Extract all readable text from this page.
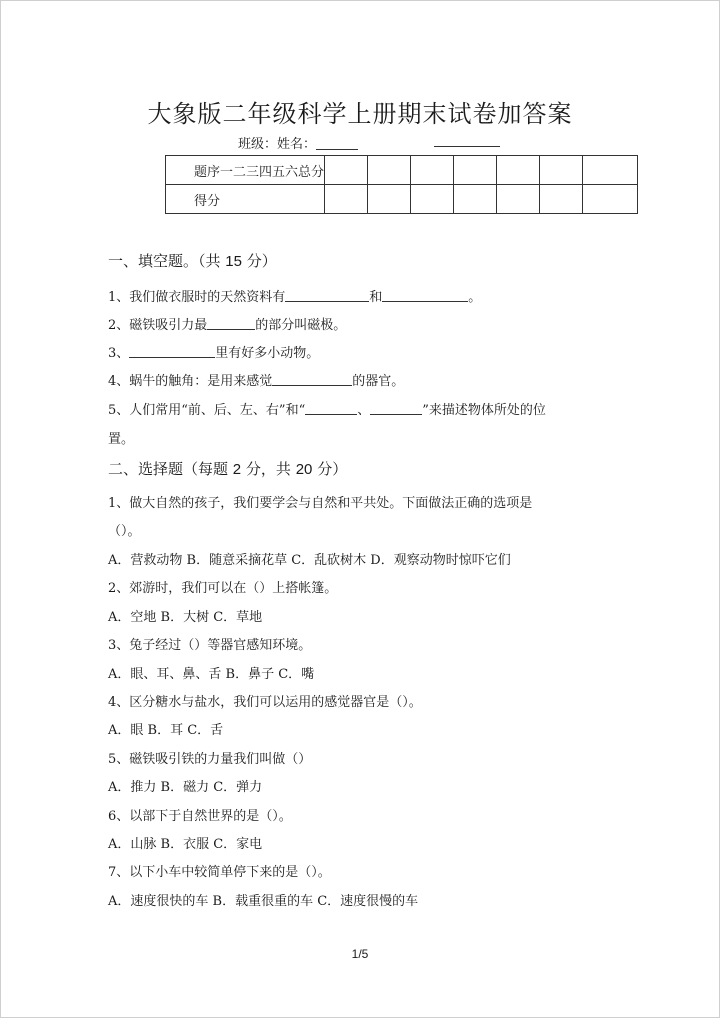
大象版二年级科学上册期末试卷加答案
班级：姓名：
题序一二三四五六总分							
得分							
一、填空题。（共 15 分）
1、我们做衣服时的天然资料有	和	。
2、磁铁吸引力最	的部分叫磁极。
3、	里有好多小动物。
4、蜗牛的触角：是用来感觉	的器官。
5、人们常用“前、后、左、右”和“	、	”来描述物体所处的位
置。
二、选择题（每题 2 分，共 20 分）
1、做大自然的孩子，我们要学会与自然和平共处。下面做法正确的选项是
（）。
A．营救动物 B．随意采摘花草 C．乱砍树木 D．观察动物时惊吓它们
2、郊游时，我们可以在（）上搭帐篷。
A．空地 B．大树 C．草地
3、兔子经过（）等器官感知环境。
A．眼、耳、鼻、舌 B．鼻子 C．嘴
4、区分糖水与盐水，我们可以运用的感觉器官是（）。
A．眼 B．耳 C．舌
5、磁铁吸引铁的力量我们叫做（）
A．推力 B．磁力 C．弹力
6、以部下于自然世界的是（）。
A．山脉 B．衣服 C．家电
7、以下小车中较简单停下来的是（）。
A．速度很快的车 B．载重很重的车 C．速度很慢的车
1/5
